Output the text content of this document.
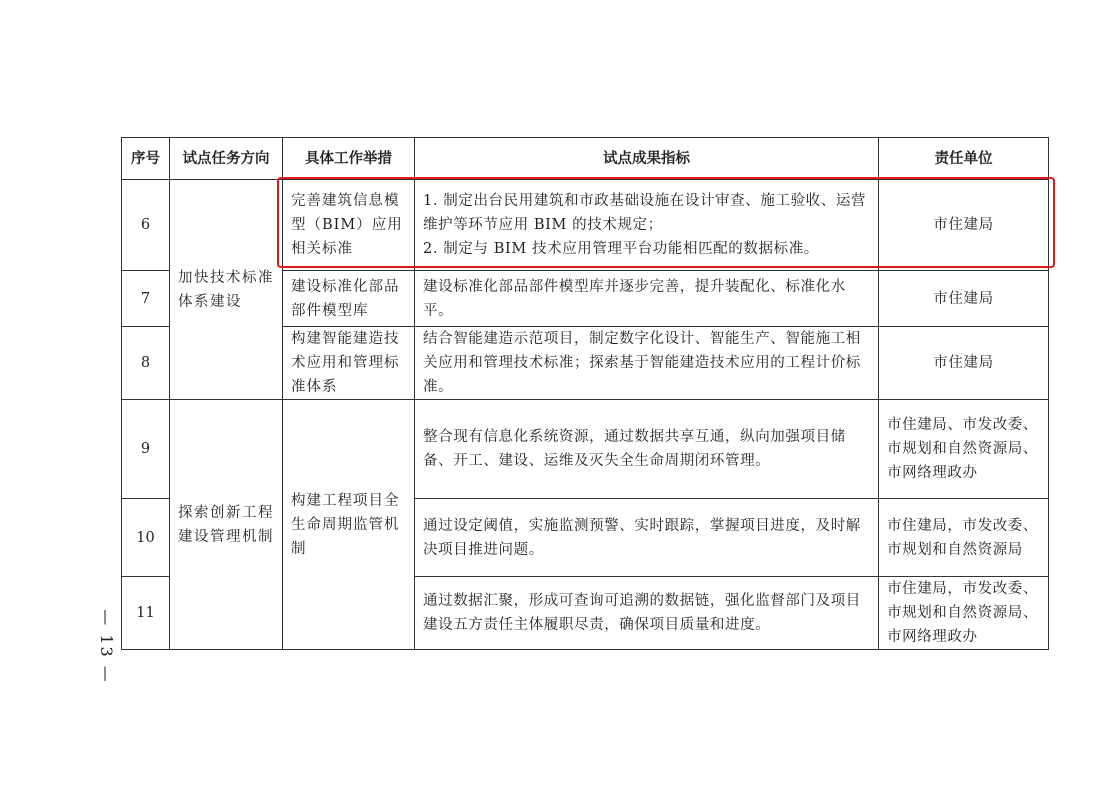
序号	试点任务方向	具体工作举措	试点成果指标	责任单位
6	加快技术标准体系建设	完善建筑信息模型（BIM）应用相关标准	1. 制定出台民用建筑和市政基础设施在设计审查、施工验收、运营维护等环节应用 BIM 的技术规定；
2. 制定与 BIM 技术应用管理平台功能相匹配的数据标准。	市住建局
7		建设标准化部品部件模型库	建设标准化部品部件模型库并逐步完善，提升装配化、标准化水平。	市住建局
8		构建智能建造技术应用和管理标准体系	结合智能建造示范项目，制定数字化设计、智能生产、智能施工相关应用和管理技术标准；探索基于智能建造技术应用的工程计价标准。	市住建局
9	探索创新工程建设管理机制	构建工程项目全生命周期监管机制	整合现有信息化系统资源，通过数据共享互通，纵向加强项目储备、开工、建设、运维及灭失全生命周期闭环管理。	市住建局、市发改委、市规划和自然资源局、市网络理政办
10			通过设定阈值，实施监测预警、实时跟踪，掌握项目进度，及时解决项目推进问题。	市住建局，市发改委、市规划和自然资源局
11			通过数据汇聚，形成可查询可追溯的数据链，强化监督部门及项目建设五方责任主体履职尽责，确保项目质量和进度。	市住建局，市发改委、市规划和自然资源局、市网络理政办
— 13 —
